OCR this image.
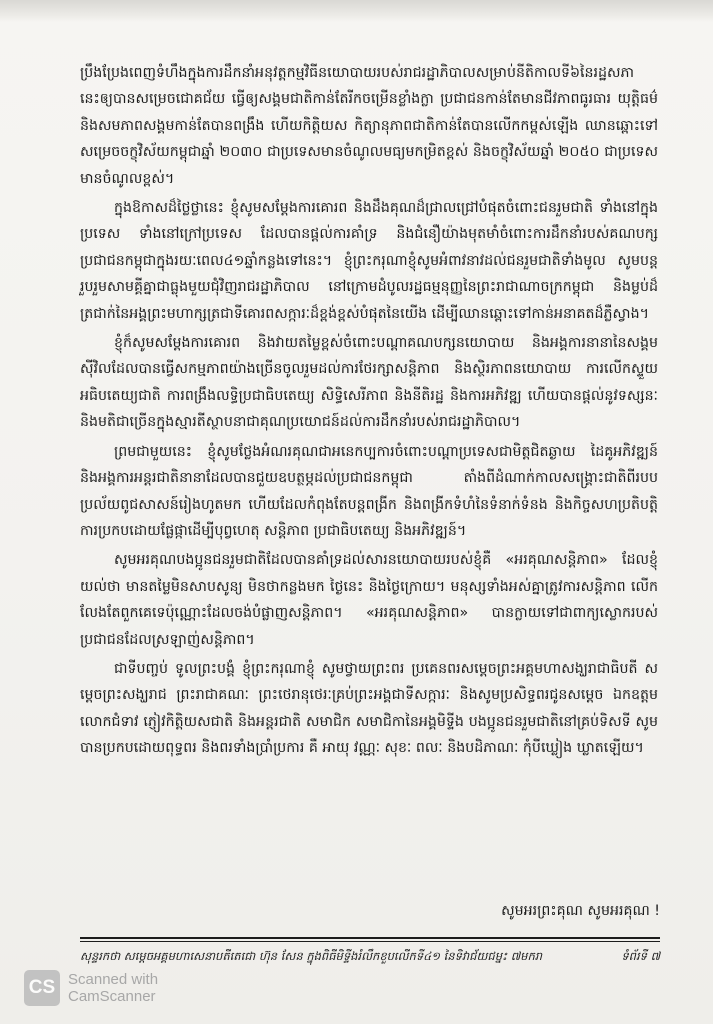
ប្រឹងប្រែងពេញទំហឹងក្នុងការដឹកនាំអនុវត្តកម្មវិធីនយោបាយរបស់រាជរដ្ឋាភិបាលសម្រាប់នីតិកាលទី៦នៃរដ្ឋសភា នេះឲ្យបានសម្រេចជោគជ័យ ធ្វើឲ្យសង្គមជាតិកាន់តែរីកចម្រើនខ្លាំងក្លា ប្រជាជនកាន់តែមានជីវភាពធូរធារ យុត្តិធម៌ និងសមភាពសង្គមកាន់តែបានពង្រឹង ហើយកិត្តិយស កិត្យានុភាពជាតិកាន់តែបានលើកកម្ពស់ឡើង ឈានឆ្ពោះទៅសម្រេចចក្ខុវិស័យកម្ពុជាឆ្នាំ ២០៣០ ជាប្រទេសមានចំណូលមធ្យមកម្រិតខ្ពស់ និងចក្ខុវិស័យឆ្នាំ ២០៥០ ជាប្រទេសមានចំណូលខ្ពស់។

ក្នុងឱកាសដ៏ថ្លៃថ្លានេះ ខ្ញុំសូមសម្តែងការគោរព និងដឹងគុណដ៏ជ្រាលជ្រៅបំផុតចំពោះជនរួមជាតិ ទាំងនៅក្នុងប្រទេស ទាំងនៅក្រៅប្រទេស ដែលបានផ្តល់ការគាំទ្រ និងជំនឿយ៉ាងមុតមាំចំពោះការដឹកនាំរបស់គណបក្សប្រជាជនកម្ពុជាក្នុងរយៈពេល៤១ឆ្នាំកន្លងទៅនេះ។ ខ្ញុំព្រះករុណាខ្ញុំសូមអំពាវនាវដល់ជនរួមជាតិទាំងមូល សូមបន្តរួបរួមសាមគ្គីគ្នាជាធ្លុងមួយជុំវិញរាជរដ្ឋាភិបាល នៅក្រោមដំបូលរដ្ឋធម្មនុញ្ញនៃព្រះរាជាណាចក្រកម្ពុជា និងម្លប់ដ៏ត្រជាក់នៃអង្គព្រះមហាក្សត្រជាទីគោរពសក្ការៈដ៏ខ្ពង់ខ្ពស់បំផុតនៃយើង ដើម្បីឈានឆ្ពោះទៅកាន់អនាគតដ៏ភ្លឺស្វាង។

ខ្ញុំក៏សូមសម្តែងការគោរព និងវាយតម្លៃខ្ពស់ចំពោះបណ្តាគណបក្សនយោបាយ និងអង្គការនានានៃសង្គមស៊ីវិលដែលបានធ្វើសកម្មភាពយ៉ាងច្រើនចូលរួមដល់ការថែរក្សាសន្តិភាព និងស្ថិរភាពនយោបាយ ការលើកស្ទួយអធិបតេយ្យជាតិ ការពង្រឹងលទ្ធិប្រជាធិបតេយ្យ សិទ្ធិសេរីភាព និងនីតិរដ្ឋ និងការអភិវឌ្ឍ ហើយបានផ្តល់នូវទស្សនៈ និងមតិជាច្រើនក្នុងស្មារតីស្ថាបនាជាគុណប្រយោជន៍ដល់ការដឹកនាំរបស់រាជរដ្ឋាភិបាល។

ព្រមជាមួយនេះ ខ្ញុំសូមថ្លែងអំណរគុណជាអនេកប្បការចំពោះបណ្តាប្រទេសជាមិត្តជិតឆ្ងាយ ដៃគូអភិវឌ្ឍន៍ និងអង្គការអន្តរជាតិនានាដែលបានជួយឧបត្ថម្ភដល់ប្រជាជនកម្ពុជា តាំងពីដំណាក់កាលសង្គ្រោះជាតិពីរបបប្រល័យពូជសាសន៍រៀងហូតមក ហើយដែលកំពុងតែបន្តពង្រីក និងពង្រីកទំហំនៃទំនាក់ទំនង និងកិច្ចសហប្រតិបត្តិការប្រកបដោយផ្លែផ្កាដើម្បីបុព្វហេតុ សន្តិភាព ប្រជាធិបតេយ្យ និងអភិវឌ្ឍន៍។

សូមអរគុណបងប្អូនជនរួមជាតិដែលបានគាំទ្រដល់សារនយោបាយរបស់ខ្ញុំគឺ «អរគុណសន្តិភាព» ដែលខ្ញុំយល់ថា មានតម្លៃមិនសាបសូន្យ មិនថាកន្លងមក ថ្ងៃនេះ និងថ្ងៃក្រោយ។ មនុស្សទាំងអស់គ្នាត្រូវការសន្តិភាព លើកលែងតែពួកគេទេប៉ុណ្ណោះដែលចង់បំផ្លាញសន្តិភាព។ «អរគុណសន្តិភាព» បានក្លាយទៅជាពាក្យស្លោករបស់ប្រជាជនដែលស្រឡាញ់សន្តិភាព។

ជាទីបញ្ចប់ ទូលព្រះបង្គំ ខ្ញុំព្រះករុណាខ្ញុំ សូមថ្វាយព្រះពរ ប្រគេនពរសម្តេចព្រះអគ្គមហាសង្ឃរាជាធិបតី សម្តេចព្រះសង្ឃរាជ ព្រះរាជាគណៈ ព្រះថេរានុថេរៈគ្រប់ព្រះអង្គជាទីសក្ការៈ និងសូមប្រសិទ្ធពរជូនសម្តេច ឯកឧត្តម លោកជំទាវ ភ្ញៀវកិត្តិយសជាតិ និងអន្តរជាតិ សមាជិក សមាជិកានៃអង្គមិទ្ទីង បងប្អូនជនរួមជាតិនៅគ្រប់ទិសទី សូមបានប្រកបដោយពុទ្ធពរ និងពរទាំងប្រាំប្រការ គឺ អាយុ វណ្ណៈ សុខៈ ពលៈ និងបដិភាណៈ កុំបីឃ្លៀង ឃ្លាតឡើយ។

សូមអរព្រះគុណ សូមអរគុណ !
សុន្ទរកថា សម្តេចអគ្គមហាសេនាបតីតេជោ ហ៊ុន សែន ក្នុងពិធីមិទ្ទីងរំលឹកខួបលើកទី៤១ នៃទិវាជ័យជម្នះ ៧មករា	ទំព័រទី ៧
CS Scanned with
CamScanner
